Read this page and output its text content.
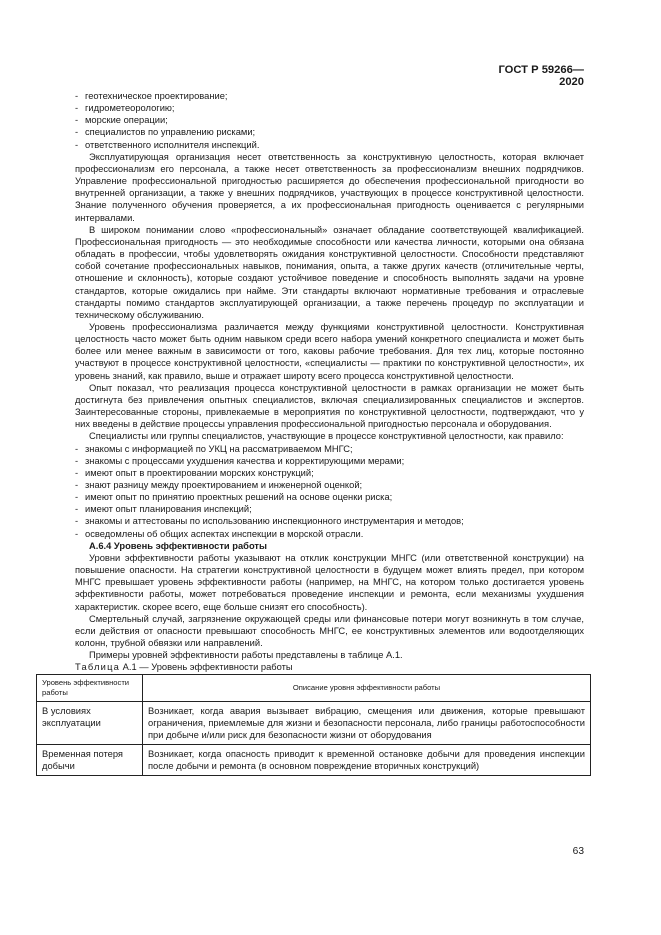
ГОСТ Р 59266—2020

- геотехническое проектирование;

- гидрометеорологию;

- морские операции;

- специалистов по управлению рисками;

- ответственного исполнителя инспекций.

Эксплуатирующая организация несет ответственность за конструктивную целостность, которая включает профессионализм его персонала, а также несет ответственность за профессионализм внешних подрядчиков. Управление профессиональной пригодностью расширяется до обеспечения профессиональной пригодности во внутренней организации, а также у внешних подрядчиков, участвующих в процессе конструктивной целостности. Знание полученного обучения проверяется, а их профессиональная пригодность оценивается с регулярными интервалами.

В широком понимании слово «профессиональный» означает обладание соответствующей квалификацией. Профессиональная пригодность — это необходимые способности или качества личности, которыми она обязана обладать в профессии, чтобы удовлетворять ожидания конструктивной целостности. Способности представляют собой сочетание профессиональных навыков, понимания, опыта, а также других качеств (отличительные черты, отношение и склонность), которые создают устойчивое поведение и способность выполнять задачи на уровне стандартов, которые ожидались при найме. Эти стандарты включают нормативные требования и отраслевые стандарты помимо стандартов эксплуатирующей организации, а также перечень процедур по эксплуатации и техническому обслуживанию.

Уровень профессионализма различается между функциями конструктивной целостности. Конструктивная целостность часто может быть одним навыком среди всего набора умений конкретного специалиста и может быть более или менее важным в зависимости от того, каковы рабочие требования. Для тех лиц, которые постоянно участвуют в процессе конструктивной целостности, «специалисты — практики по конструктивной целостности», их уровень знаний, как правило, выше и отражает широту всего процесса конструктивной целостности.

Опыт показал, что реализация процесса конструктивной целостности в рамках организации не может быть достигнута без привлечения опытных специалистов, включая специализированных специалистов и экспертов. Заинтересованные стороны, привлекаемые в мероприятия по конструктивной целостности, подтверждают, что у них введены в действие процессы управления профессиональной пригодностью персонала и оборудования.

Специалисты или группы специалистов, участвующие в процессе конструктивной целостности, как правило:

- знакомы с информацией по УКЦ на рассматриваемом МНГС;

- знакомы с процессами ухудшения качества и корректирующими мерами;

- имеют опыт в проектировании морских конструкций;

- знают разницу между проектированием и инженерной оценкой;

- имеют опыт по принятию проектных решений на основе оценки риска;

- имеют опыт планирования инспекций;

- знакомы и аттестованы по использованию инспекционного инструментария и методов;

- осведомлены об общих аспектах инспекции в морской отрасли.

А.6.4 Уровень эффективности работы

Уровни эффективности работы указывают на отклик конструкции МНГС (или ответственной конструкции) на повышение опасности. На стратегии конструктивной целостности в будущем может влиять предел, при котором МНГС превышает уровень эффективности работы (например, на МНГС, на котором только достигается уровень эффективности работы, может потребоваться проведение инспекции и ремонта, если механизмы ухудшения характеристик. скорее всего, еще больше снизят его способность).

Смертельный случай, загрязнение окружающей среды или финансовые потери могут возникнуть в том случае, если действия от опасности превышают способность МНГС, ее конструктивных элементов или водоотделяющих колонн, трубной обвязки или направлений.

Примеры уровней эффективности работы представлены в таблице А.1.

Таблица А.1 — Уровень эффективности работы

Уровень эффективности работы	Описание уровня эффективности работы
В условиях эксплуатации	Возникает, когда авария вызывает вибрацию, смещения или движения, которые превышают ограничения, приемлемые для жизни и безопасности персонала, либо границы работоспособности при добыче и/или риск для безопасности жизни от оборудования
Временная потеря добычи	Возникает, когда опасность приводит к временной остановке добычи для проведения инспекции после добычи и ремонта (в основном повреждение вторичных конструкций)
63
